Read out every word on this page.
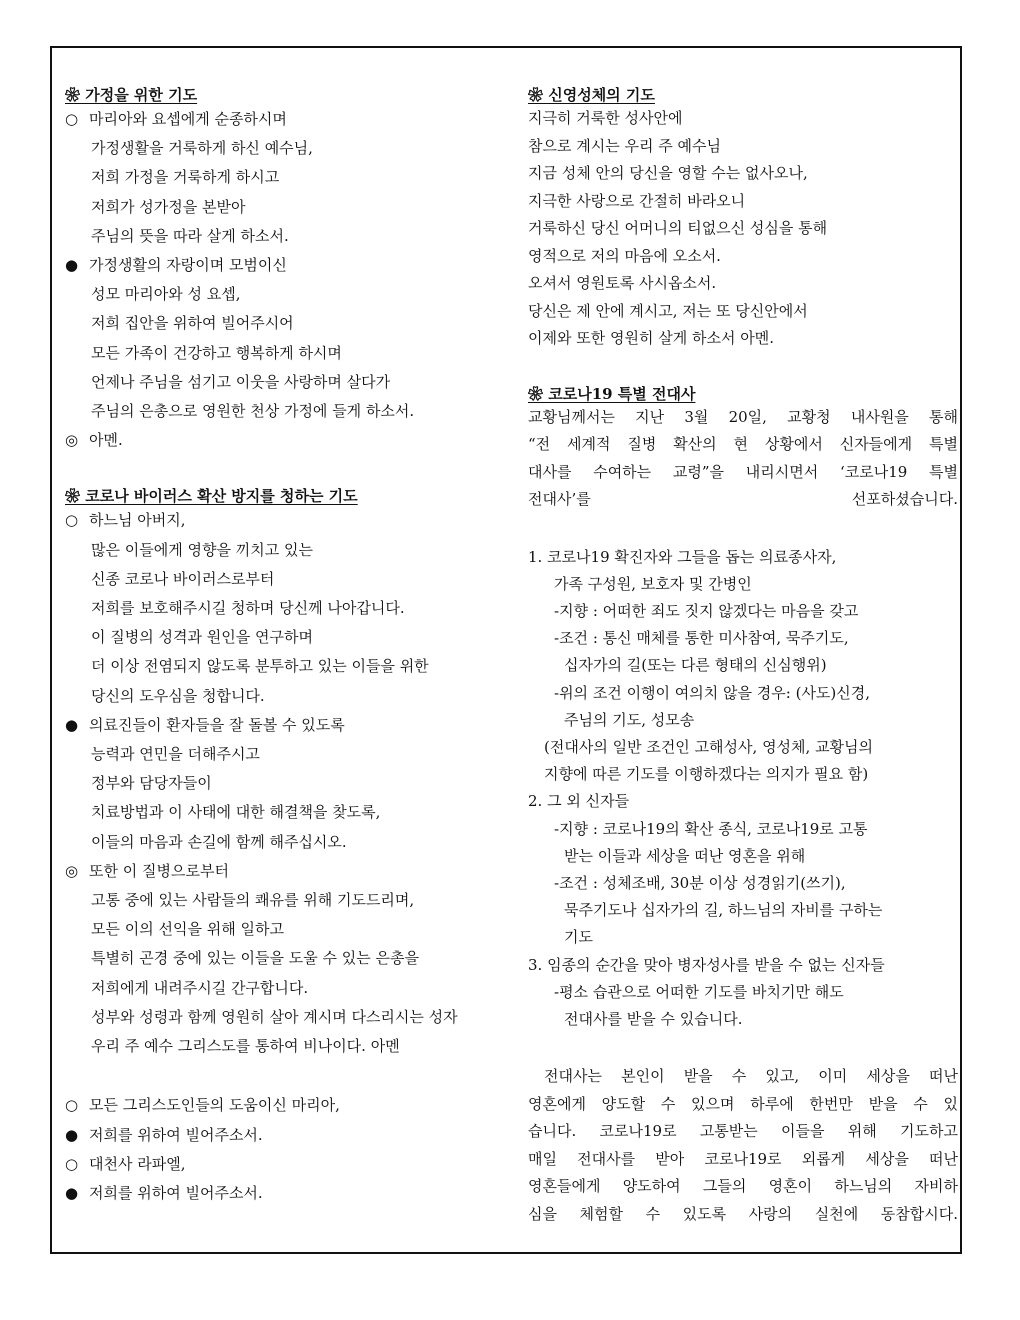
❀ 가정을 위한 기도
○ 마리아와 요셉에게 순종하시며
가정생활을 거룩하게 하신 예수님,
저희 가정을 거룩하게 하시고
저희가 성가정을 본받아
주님의 뜻을 따라 살게 하소서.
● 가정생활의 자랑이며 모범이신
성모 마리아와 성 요셉,
저희 집안을 위하여 빌어주시어
모든 가족이 건강하고 행복하게 하시며
언제나 주님을 섬기고 이웃을 사랑하며 살다가
주님의 은총으로 영원한 천상 가정에 들게 하소서.
◎ 아멘.
❀ 코로나 바이러스 확산 방지를 청하는 기도
○ 하느님 아버지,
많은 이들에게 영향을 끼치고 있는
신종 코로나 바이러스로부터
저희를 보호해주시길 청하며 당신께 나아갑니다.
이 질병의 성격과 원인을 연구하며
더 이상 전염되지 않도록 분투하고 있는 이들을 위한
당신의 도우심을 청합니다.
● 의료진들이 환자들을 잘 돌볼 수 있도록
능력과 연민을 더해주시고
정부와 담당자들이
치료방법과 이 사태에 대한 해결책을 찾도록,
이들의 마음과 손길에 함께 해주십시오.
◎ 또한 이 질병으로부터
고통 중에 있는 사람들의 쾌유를 위해 기도드리며,
모든 이의 선익을 위해 일하고
특별히 곤경 중에 있는 이들을 도울 수 있는 은총을
저희에게 내려주시길 간구합니다.
성부와 성령과 함께 영원히 살아 계시며 다스리시는 성자
우리 주 예수 그리스도를 통하여 비나이다. 아멘
○ 모든 그리스도인들의 도움이신 마리아,
● 저희를 위하여 빌어주소서.
○ 대천사 라파엘,
● 저희를 위하여 빌어주소서.
❀ 신영성체의 기도
지극히 거룩한 성사안에
참으로 계시는 우리 주 예수님
지금 성체 안의 당신을 영할 수는 없사오나,
지극한 사랑으로 간절히 바라오니
거룩하신 당신 어머니의 티없으신 성심을 통해
영적으로 저의 마음에 오소서.
오셔서 영원토록 사시옵소서.
당신은 제 안에 계시고, 저는 또 당신안에서
이제와 또한 영원히 살게 하소서 아멘.
❀ 코로나19 특별 전대사
교황님께서는 지난 3월 20일, 교황청 내사원을 통해
“전 세계적 질병 확산의 현 상황에서 신자들에게 특별
대사를 수여하는 교령”을 내리시면서 ‘코로나19 특별
전대사’를 선포하셨습니다.
1. 코로나19 확진자와 그들을 돕는 의료종사자,
가족 구성원, 보호자 및 간병인
-지향 : 어떠한 죄도 짓지 않겠다는 마음을 갖고
-조건 : 통신 매체를 통한 미사참여, 묵주기도,
십자가의 길(또는 다른 형태의 신심행위)
-위의 조건 이행이 여의치 않을 경우: (사도)신경,
주님의 기도, 성모송
(전대사의 일반 조건인 고해성사, 영성체, 교황님의
지향에 따른 기도를 이행하겠다는 의지가 필요 함)
2. 그 외 신자들
-지향 : 코로나19의 확산 종식, 코로나19로 고통
받는 이들과 세상을 떠난 영혼을 위해
-조건 : 성체조배, 30분 이상 성경읽기(쓰기),
묵주기도나 십자가의 길, 하느님의 자비를 구하는
기도
3. 임종의 순간을 맞아 병자성사를 받을 수 없는 신자들
-평소 습관으로 어떠한 기도를 바치기만 해도
전대사를 받을 수 있습니다.
전대사는 본인이 받을 수 있고, 이미 세상을 떠난
영혼에게 양도할 수 있으며 하루에 한번만 받을 수 있
습니다. 코로나19로 고통받는 이들을 위해 기도하고
매일 전대사를 받아 코로나19로 외롭게 세상을 떠난
영혼들에게 양도하여 그들의 영혼이 하느님의 자비하
심을 체험할 수 있도록 사랑의 실천에 동참합시다.
